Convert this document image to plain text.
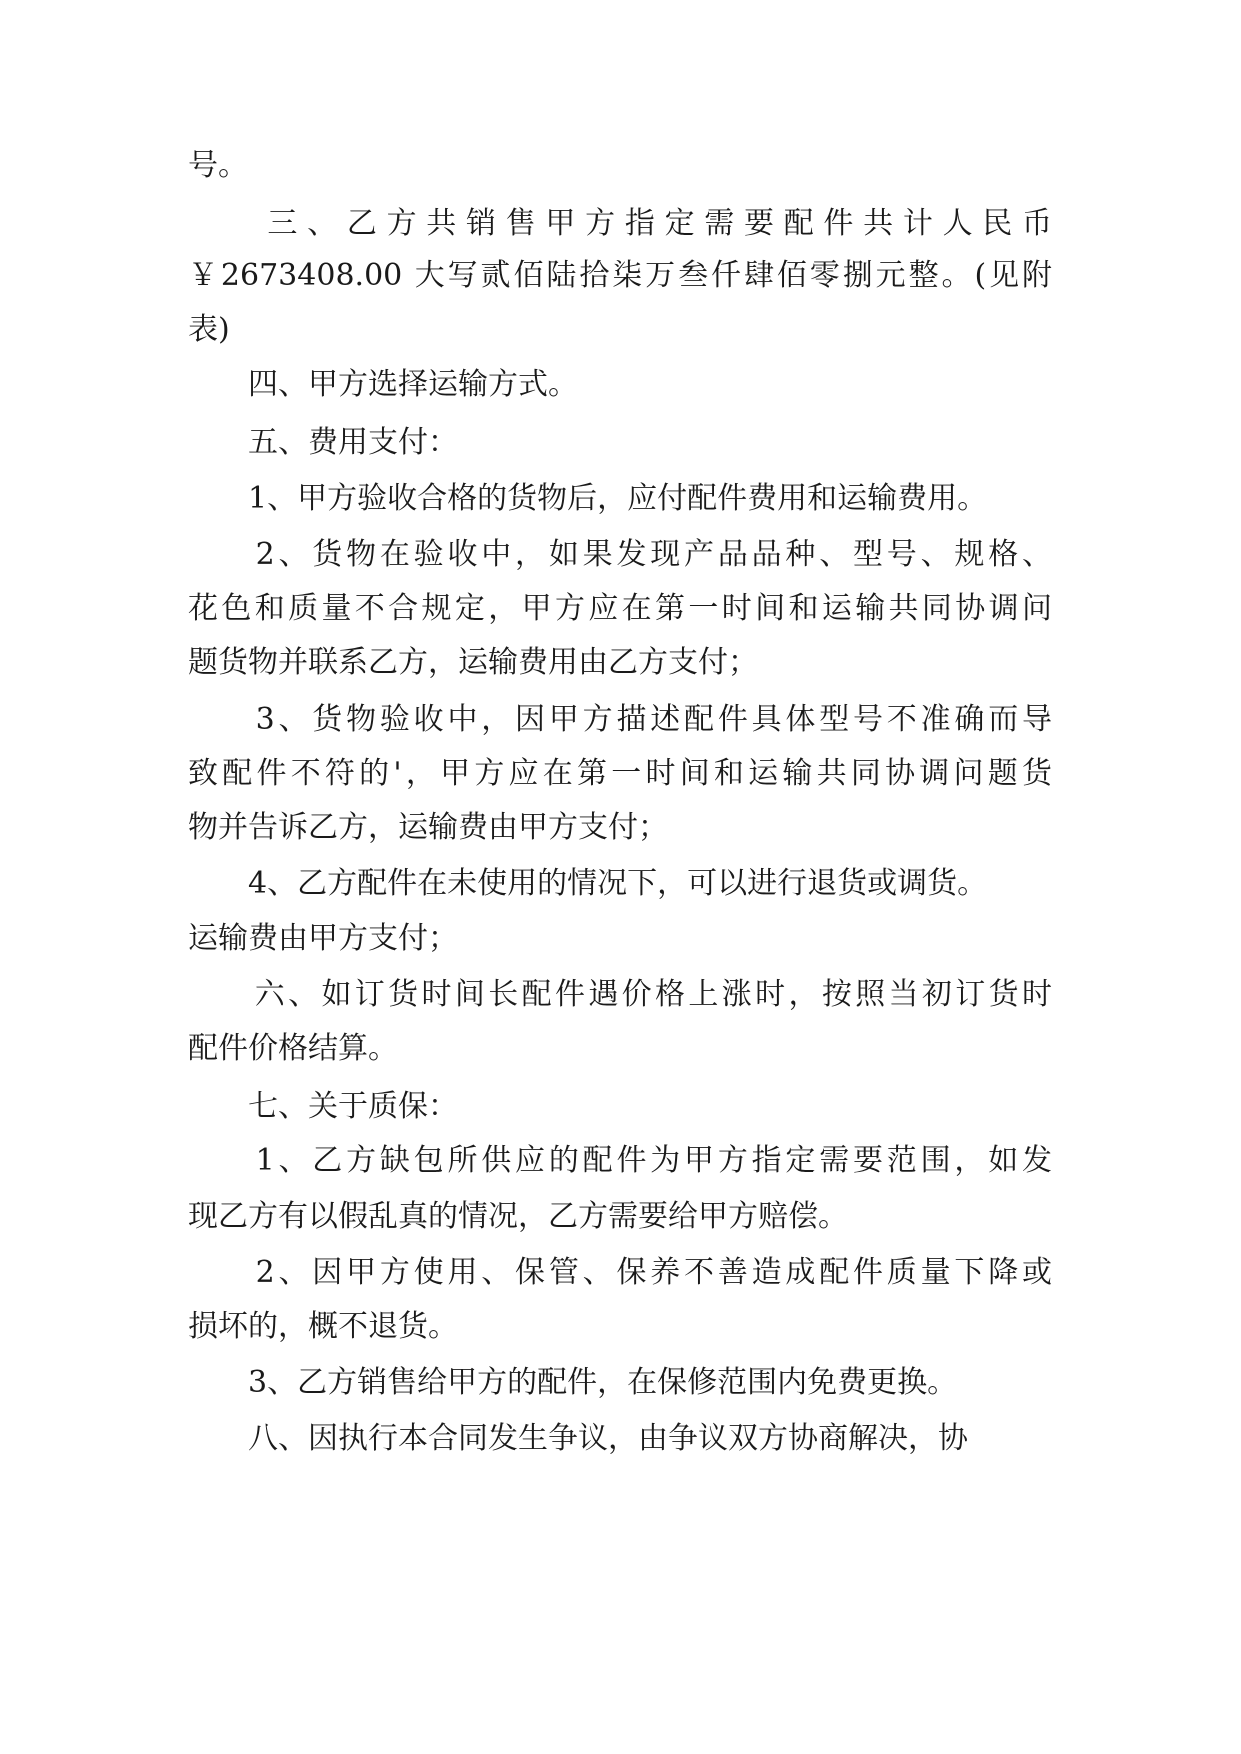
号。
　　三、乙方共销售甲方指定需要配件共计人民币
￥2673408.00 大写贰佰陆拾柒万叁仟肆佰零捌元整。(见附
表)
　　四、甲方选择运输方式。
　　五、费用支付：
　　1、甲方验收合格的货物后，应付配件费用和运输费用。
　　2、货物在验收中，如果发现产品品种、型号、规格、
花色和质量不合规定，甲方应在第一时间和运输共同协调问
题货物并联系乙方，运输费用由乙方支付；
　　3、货物验收中，因甲方描述配件具体型号不准确而导
致配件不符的'，甲方应在第一时间和运输共同协调问题货
物并告诉乙方，运输费由甲方支付；
　　4、乙方配件在未使用的情况下，可以进行退货或调货。
运输费由甲方支付；
　　六、如订货时间长配件遇价格上涨时，按照当初订货时
配件价格结算。
　　七、关于质保：
　　1、乙方缺包所供应的配件为甲方指定需要范围，如发
现乙方有以假乱真的情况，乙方需要给甲方赔偿。
　　2、因甲方使用、保管、保养不善造成配件质量下降或
损坏的，概不退货。
　　3、乙方销售给甲方的配件，在保修范围内免费更换。
　　八、因执行本合同发生争议，由争议双方协商解决，协
